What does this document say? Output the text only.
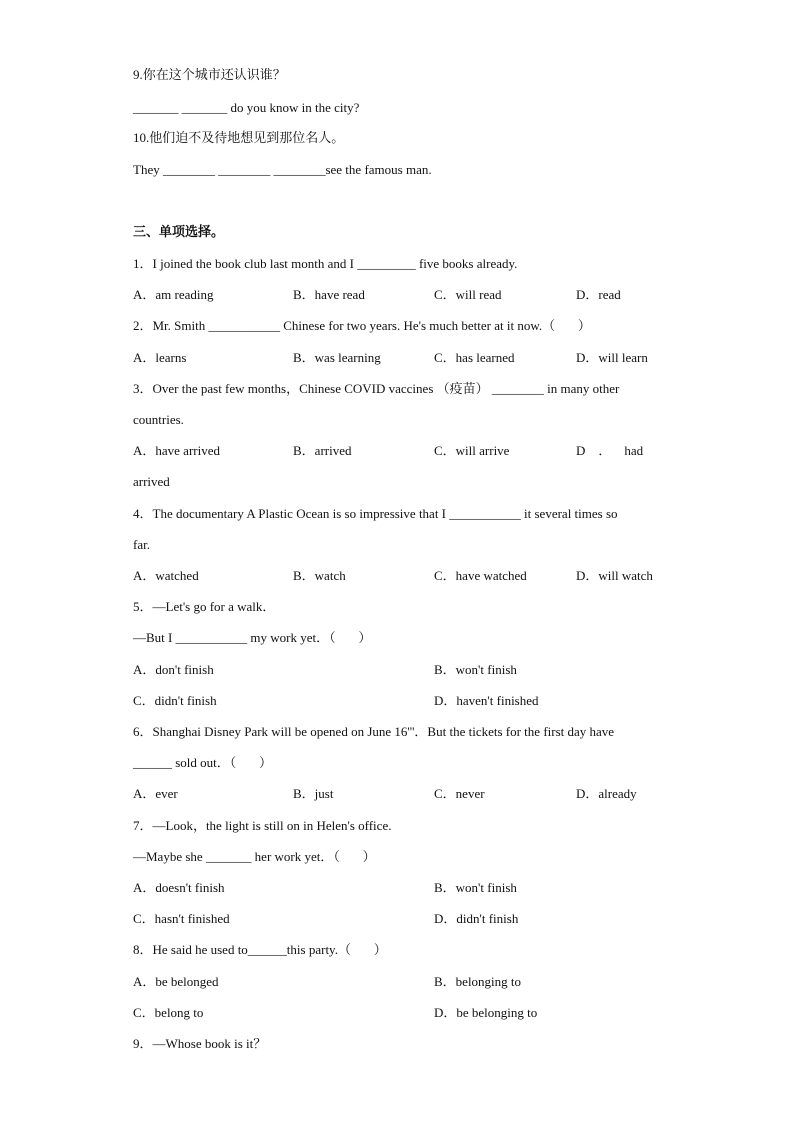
9.你在这个城市还认识谁？
_______ _______ do you know in the city?
10.他们迫不及待地想见到那位名人。
They ________ ________ ________see the famous man.
三、单项选择。
1．I joined the book club last month and I _________ five books already.
A．am reading	B．have read	C．will read	D．read
2．Mr. Smith ___________ Chinese for two years. He's much better at it now.（       ）
A．learns	B．was learning	C．has learned	D．will learn
3．Over the past few months，Chinese COVID vaccines （疫苗） ________ in many other
countries.
A．have arrived	B．arrived	C．will arrive	D    ．    had
arrived
4．The documentary A Plastic Ocean is so impressive that I ___________ it several times so
far.
A．watched	B．watch	C．have watched	D．will watch
5．—Let's go for a walk．
—But I ___________ my work yet．（       ）
A．don't finish	B．won't finish
C．didn't finish	D．haven't finished
6．Shanghai Disney Park will be opened on June 16'''．But the tickets for the first day have
______ sold out．（       ）
A．ever	B．just	C．never	D．already
7．—Look，the light is still on in Helen's office.
—Maybe she _______ her work yet．（       ）
A．doesn't finish	B．won't finish
C．hasn't finished	D．didn't finish
8．He said he used to______this party.（       ）
A．be belonged	B．belonging to
C．belong to	D．be belonging to
9．—Whose book is it？
